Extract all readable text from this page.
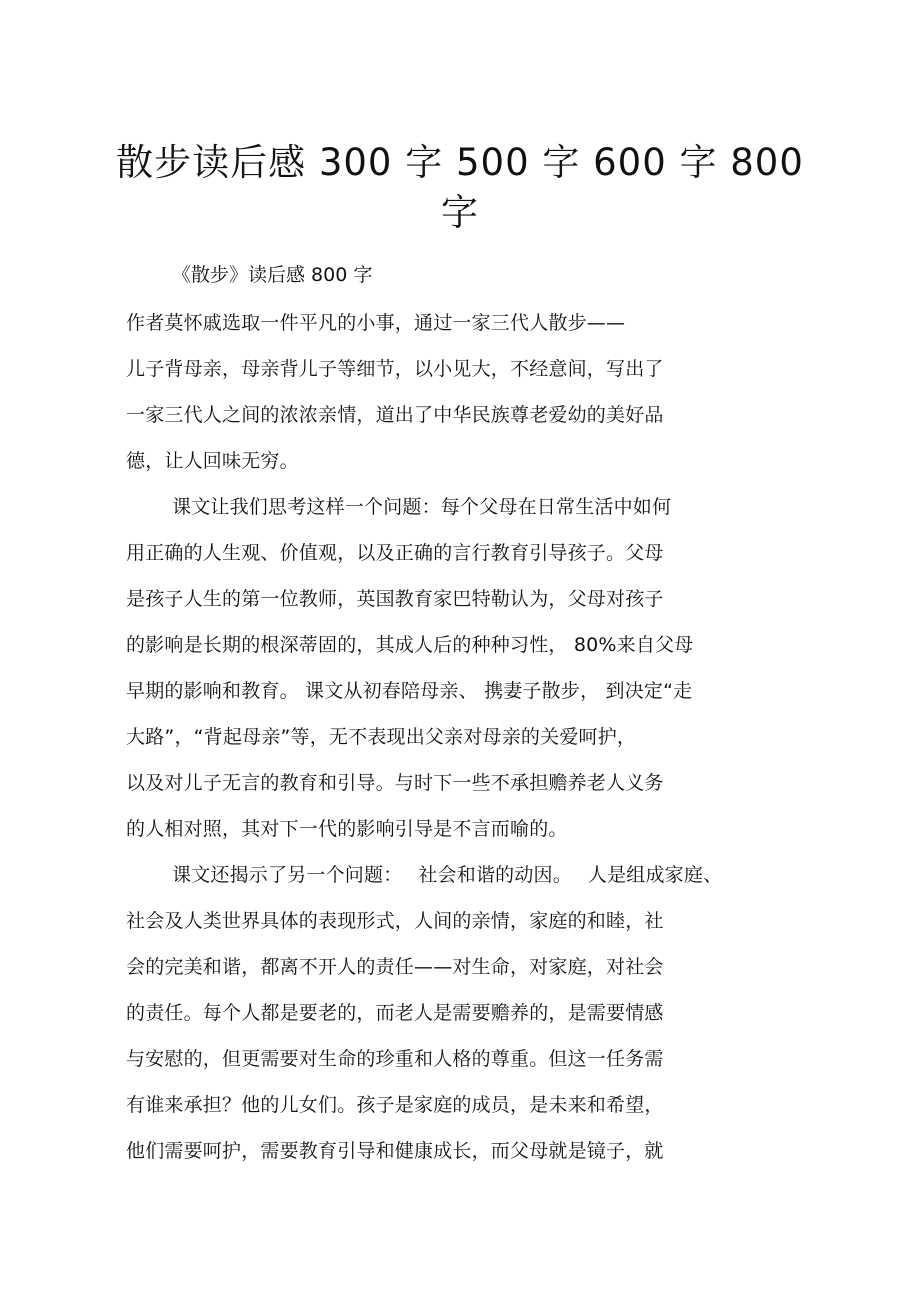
散步读后感 300 字 500 字 600 字 800 字
《散步》读后感 800 字
作者莫怀戚选取一件平凡的小事，通过一家三代人散步——
儿子背母亲，母亲背儿子等细节，以小见大，不经意间，写出了
一家三代人之间的浓浓亲情，道出了中华民族尊老爱幼的美好品
德，让人回味无穷。
课文让我们思考这样一个问题：每个父母在日常生活中如何
用正确的人生观、价值观，以及正确的言行教育引导孩子。父母
是孩子人生的第一位教师，英国教育家巴特勒认为，父母对孩子
的影响是长期的根深蒂固的，其成人后的种种习性， 80%来自父母
早期的影响和教育。 课文从初春陪母亲、 携妻子散步， 到决定“走
大路”，“背起母亲”等，无不表现出父亲对母亲的关爱呵护，
以及对儿子无言的教育和引导。与时下一些不承担赡养老人义务
的人相对照，其对下一代的影响引导是不言而喻的。
课文还揭示了另一个问题：　 社会和谐的动因。　 人是组成家庭、
社会及人类世界具体的表现形式，人间的亲情，家庭的和睦，社
会的完美和谐，都离不开人的责任——对生命，对家庭，对社会
的责任。每个人都是要老的，而老人是需要赡养的，是需要情感
与安慰的，但更需要对生命的珍重和人格的尊重。但这一任务需
有谁来承担？他的儿女们。孩子是家庭的成员，是未来和希望，
他们需要呵护，需要教育引导和健康成长，而父母就是镜子，就
